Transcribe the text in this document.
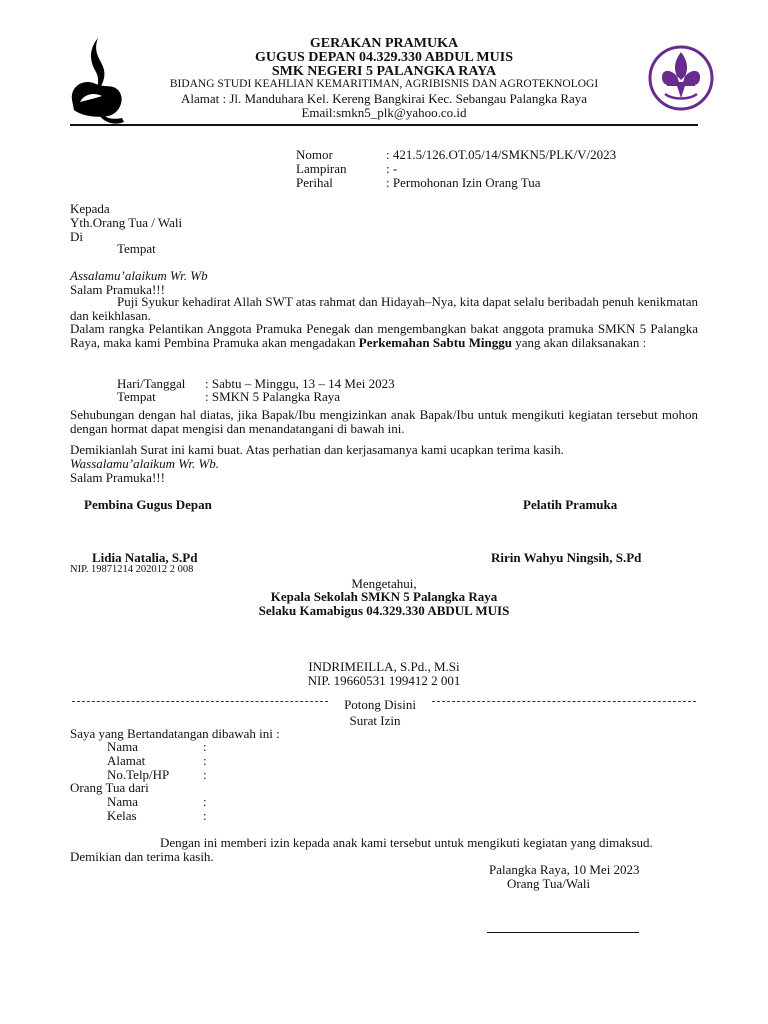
GERAKAN PRAMUKA
GUGUS DEPAN 04.329.330 ABDUL MUIS
SMK NEGERI 5 PALANGKA RAYA
BIDANG STUDI KEAHLIAN KEMARITIMAN, AGRIBISNIS DAN AGROTEKNOLOGI
Alamat : Jl. Manduhara Kel. Kereng Bangkirai Kec. Sebangau Palangka Raya
Email:smkn5_plk@yahoo.co.id
Nomor	: 421.5/126.OT.05/14/SMKN5/PLK/V/2023
Lampiran	: -
Perihal	: Permohonan Izin Orang Tua
Kepada
Yth.Orang Tua / Wali
Di
Tempat
Assalamu’alaikum Wr. Wb
Salam Pramuka!!!
Puji Syukur kehadirat Allah SWT atas rahmat dan Hidayah–Nya, kita dapat selalu beribadah penuh kenikmatan dan keikhlasan.
Dalam rangka Pelantikan Anggota Pramuka Penegak dan mengembangkan bakat anggota pramuka SMKN 5 Palangka Raya, maka kami Pembina Pramuka akan mengadakan Perkemahan Sabtu Minggu yang akan dilaksanakan :
Hari/Tanggal : Sabtu – Minggu, 13 – 14 Mei 2023
Tempat	: SMKN 5 Palangka Raya
Sehubungan dengan hal diatas, jika Bapak/Ibu mengizinkan anak Bapak/Ibu untuk mengikuti kegiatan tersebut mohon dengan hormat dapat mengisi dan menandatangani di bawah ini.
Demikianlah Surat ini kami buat. Atas perhatian dan kerjasamanya kami ucapkan terima kasih.
Wassalamu’alaikum Wr. Wb.
Salam Pramuka!!!
Pembina Gugus Depan	Pelatih Pramuka
Lidia Natalia, S.Pd
NIP. 19871214 202012 2 008
Ririn Wahyu Ningsih, S.Pd
Mengetahui,
Kepala Sekolah SMKN 5 Palangka Raya
Selaku Kamabigus 04.329.330 ABDUL MUIS
INDRIMEILLA, S.Pd., M.Si
NIP. 19660531 199412 2 001
Potong Disini
Surat Izin
Saya yang Bertandatangan dibawah ini :
Nama	:
Alamat	:
No.Telp/HP	:
Orang Tua dari
Nama	:
Kelas	:
Dengan ini memberi izin kepada anak kami tersebut untuk mengikuti kegiatan yang dimaksud.
Demikian dan terima kasih.
Palangka Raya, 10 Mei 2023
Orang Tua/Wali
